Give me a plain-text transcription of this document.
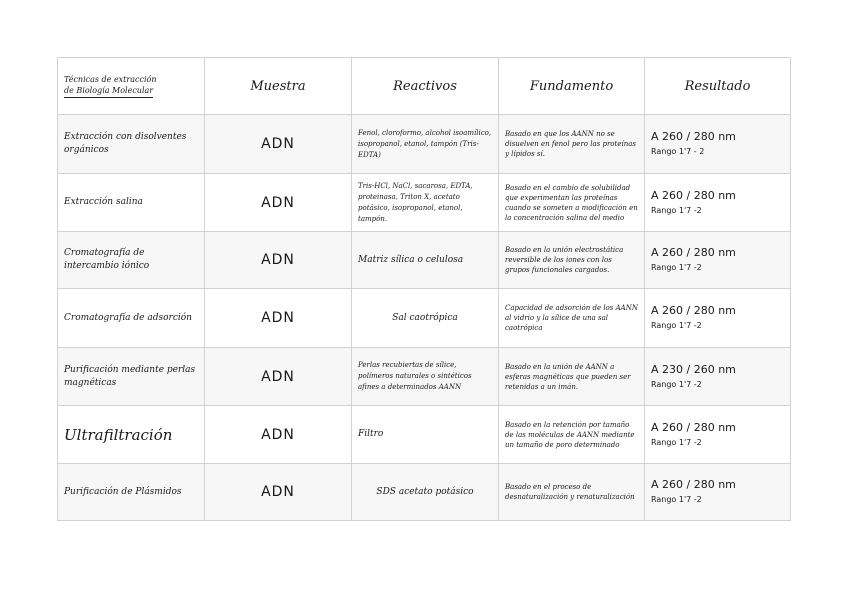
Técnicas de extracción
de Biología Molecular	Muestra	Reactivos	Fundamento	Resultado
Extracción con disolventes orgánicos	ADN	Fenol, cloroformo, alcohol isoamílico, isopropanol, etanol, tampón (Tris-EDTA)	Basado en que los AANN no se disuelven en fenol pero las proteínas y lípidos sí.	A 260 / 280 nm
Rango 1'7 - 2

Extracción salina	ADN	Tris-HCl, NaCl, sacarosa, EDTA, proteinasa, Triton X, acetato potásico, isopropanol, etanol, tampón.	Basado en el cambio de solubilidad que experimentan las proteínas cuando se someten a modificación en la concentración salina del medio	A 260 / 280 nm
Rango 1'7 -2

Cromatografía de intercambio iónico	ADN	Matriz sílica o celulosa	Basado en la unión electrostática reversible de los iones con los grupos funcionales cargados.	A 260 / 280 nm
Rango 1'7 -2

Cromatografía de adsorción	ADN	Sal caotrópica	Capacidad de adsorción de los AANN al vidrio y la sílice de una sal caotrópica	A 260 / 280 nm
Rango 1'7 -2

Purificación mediante perlas magnéticas	ADN	Perlas recubiertas de sílice, polímeros naturales o sintéticos afines a determinados AANN	Basado en la unión de AANN a esferas magnéticas que pueden ser retenidas a un imán.	A 230 / 260 nm
Rango 1'7 -2

Ultrafiltración	ADN	Filtro	Basado en la retención por tamaño de las moléculas de AANN mediante un tamaño de poro determinado	A 260 / 280 nm
Rango 1'7 -2

Purificación de Plásmidos	ADN	SDS acetato potásico	Basado en el proceso de desnaturalización y renaturalización	A 260 / 280 nm
Rango 1'7 -2
